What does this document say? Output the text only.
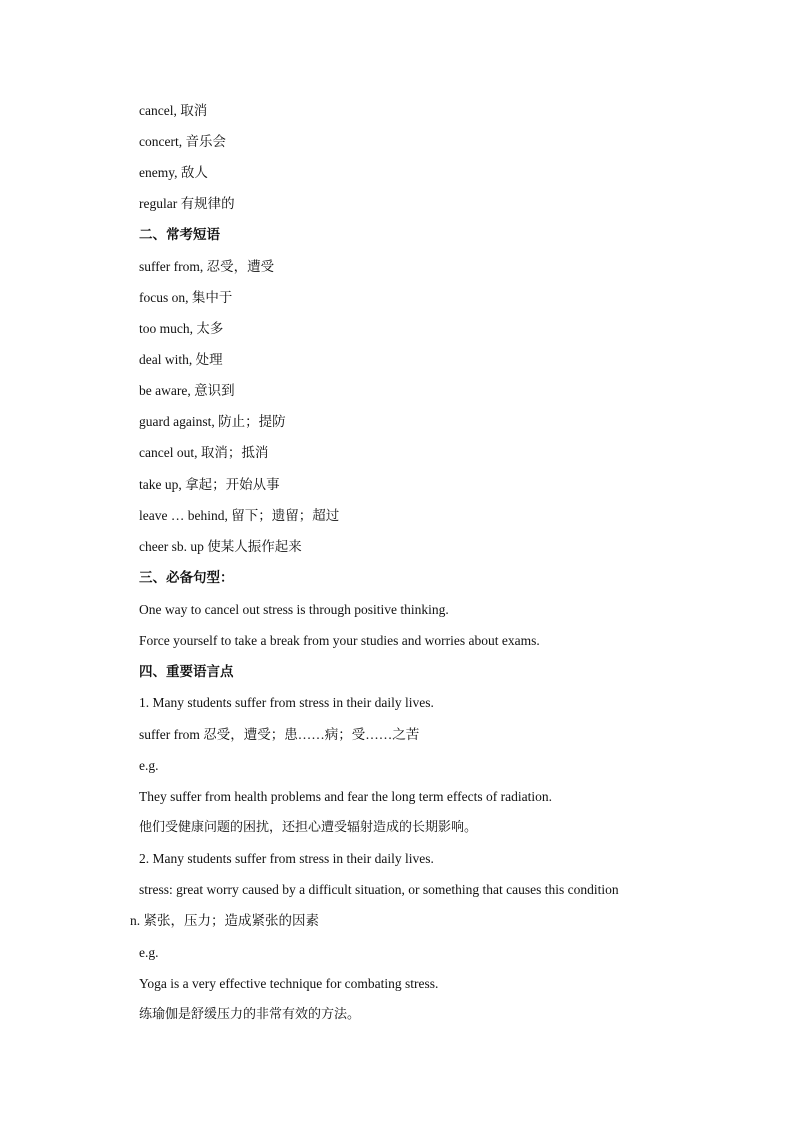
cancel, 取消
concert, 音乐会
enemy, 敌人
regular 有规律的
二、常考短语
suffer from, 忍受，遭受
focus on, 集中于
too much, 太多
deal with, 处理
be aware, 意识到
guard against, 防止；提防
cancel out, 取消；抵消
take up, 拿起；开始从事
leave … behind, 留下；遗留；超过
cheer sb. up 使某人振作起来
三、必备句型：
One way to cancel out stress is through positive thinking.
Force yourself to take a break from your studies and worries about exams.
四、重要语言点
1. Many students suffer from stress in their daily lives.
suffer from 忍受，遭受；患……病；受……之苦
e.g.
They suffer from health problems and fear the long term effects of radiation.
他们受健康问题的困扰，还担心遭受辐射造成的长期影响。
2. Many students suffer from stress in their daily lives.
stress: great worry caused by a difficult situation, or something that causes this condition
n. 紧张，压力；造成紧张的因素
e.g.
Yoga is a very effective technique for combating stress.
练瑜伽是舒缓压力的非常有效的方法。
